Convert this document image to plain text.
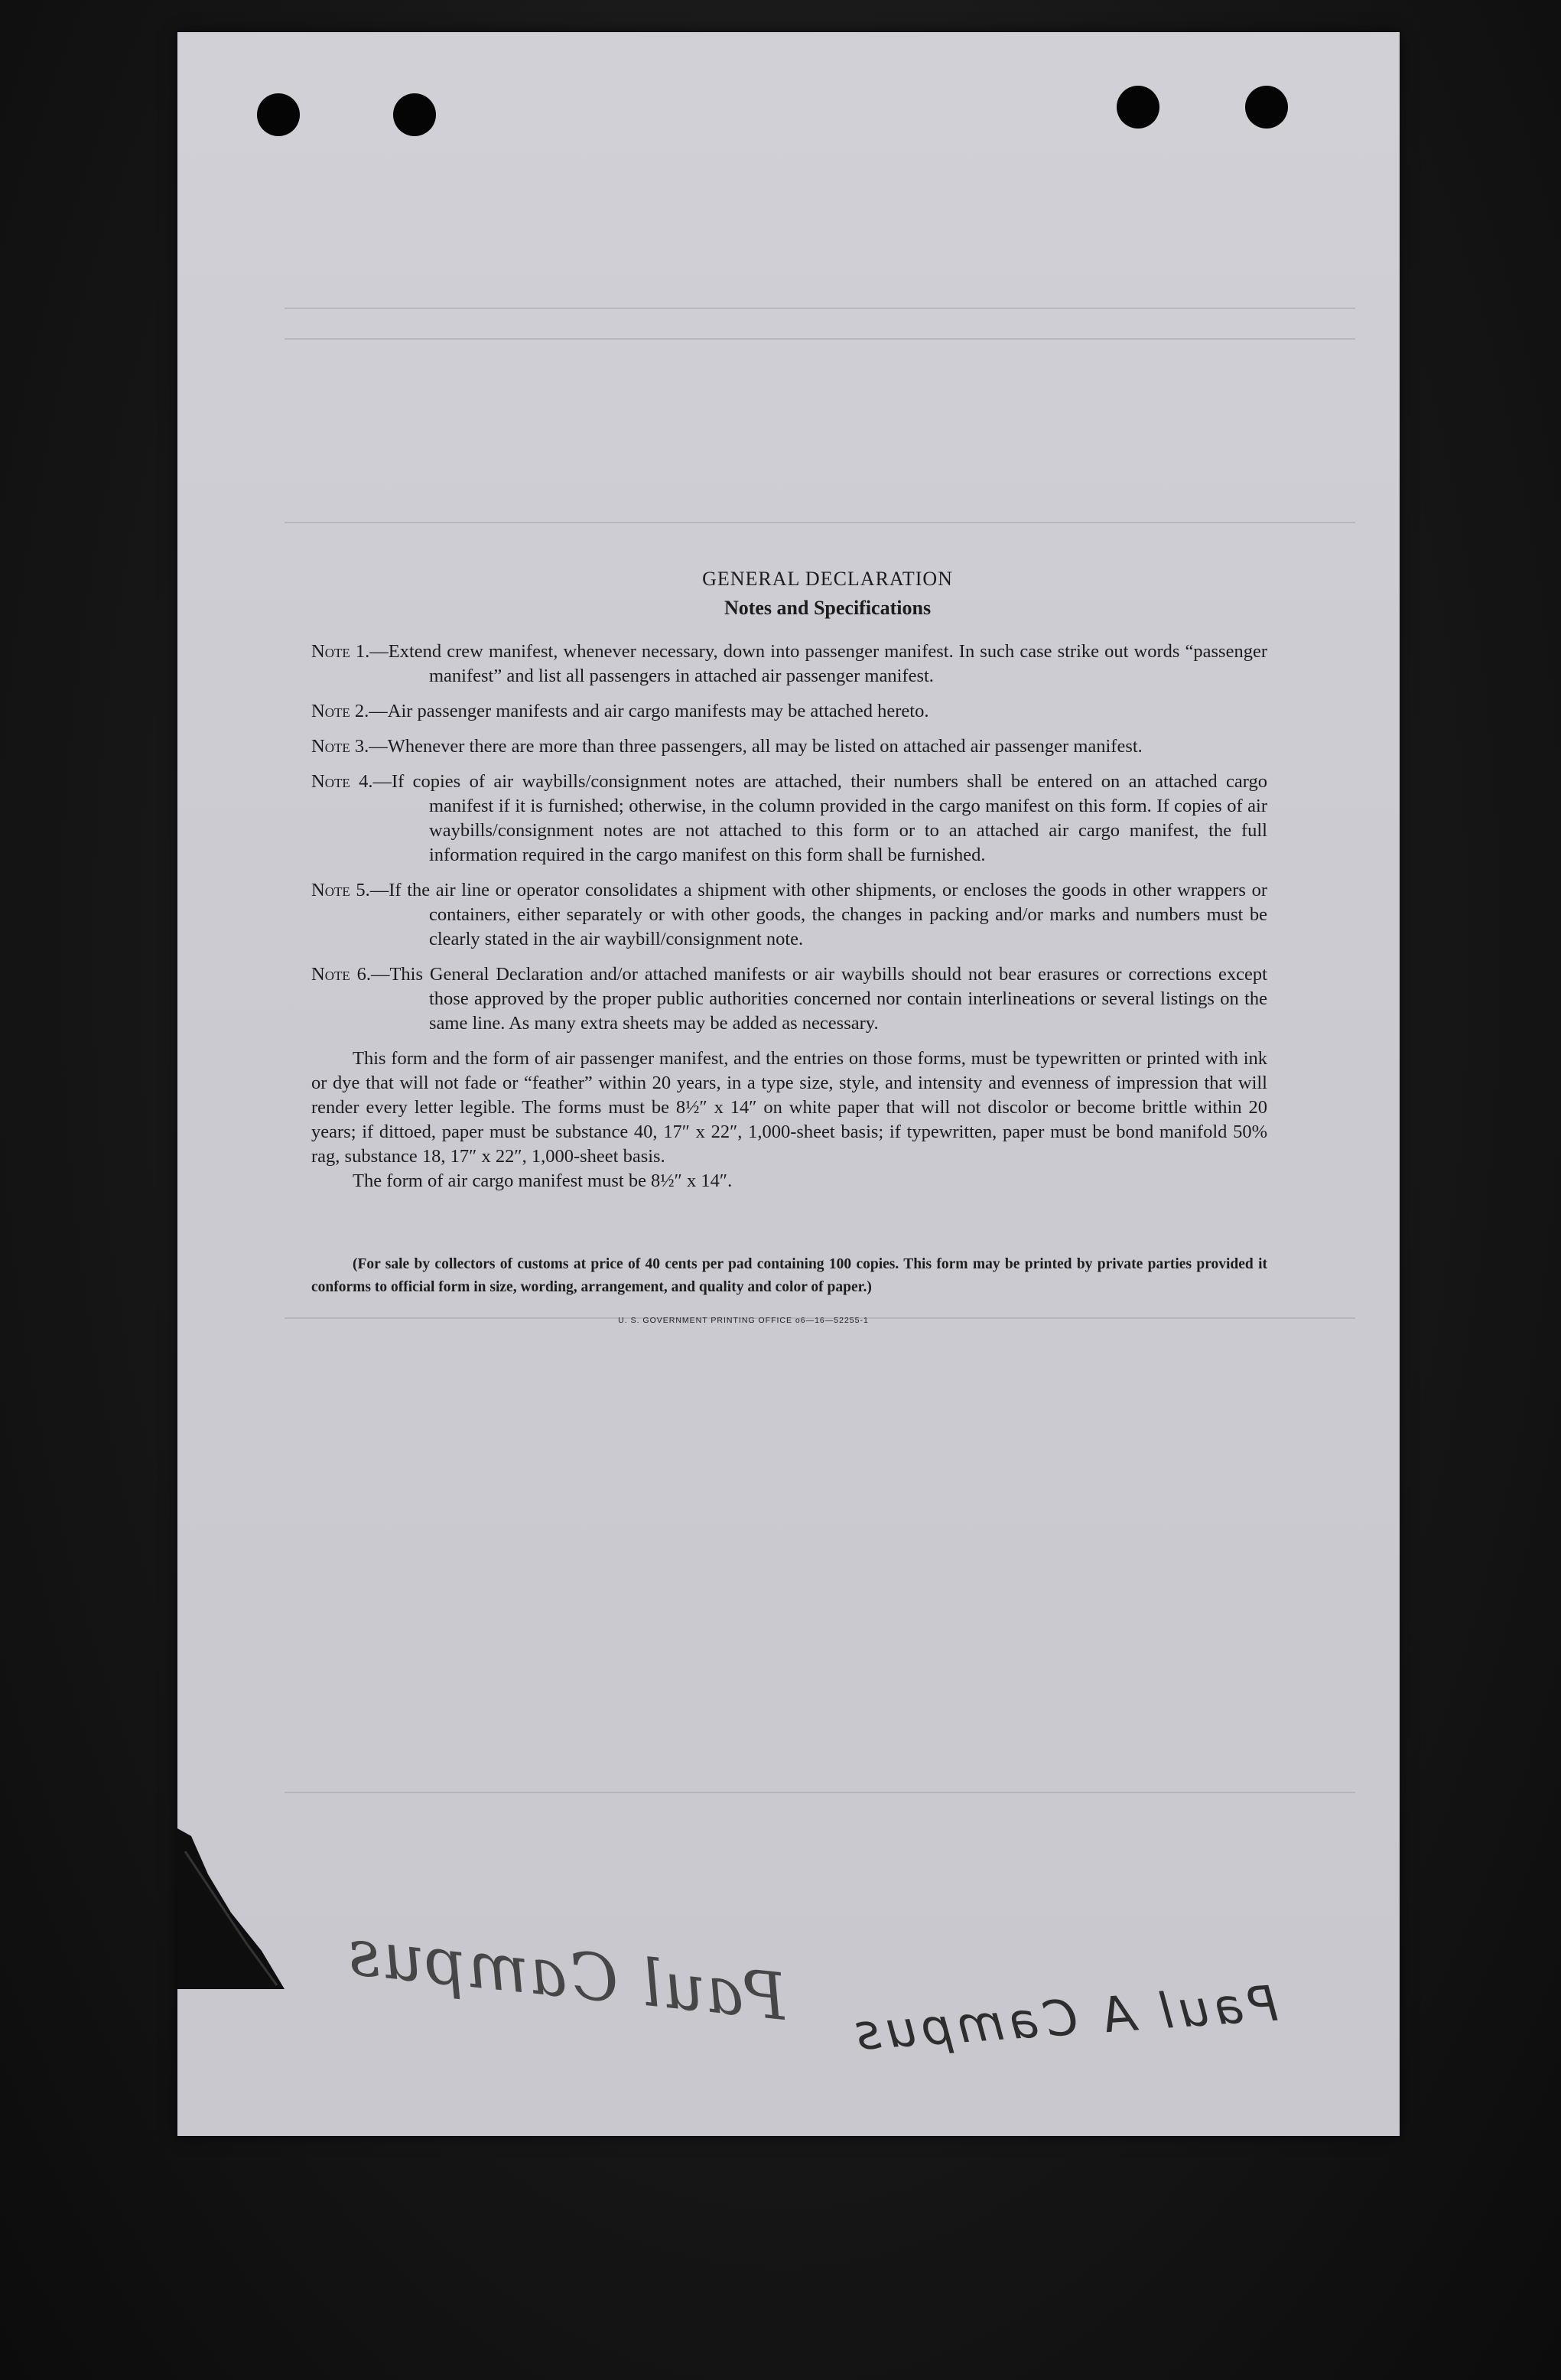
GENERAL DECLARATION
Notes and Specifications
Note 1.—Extend crew manifest, whenever necessary, down into passenger manifest. In such case strike out words “passenger manifest” and list all passengers in attached air passenger manifest.
Note 2.—Air passenger manifests and air cargo manifests may be attached hereto.
Note 3.—Whenever there are more than three passengers, all may be listed on attached air passenger manifest.
Note 4.—If copies of air waybills/consignment notes are attached, their numbers shall be entered on an attached cargo manifest if it is furnished; otherwise, in the column provided in the cargo manifest on this form. If copies of air waybills/consignment notes are not attached to this form or to an attached air cargo manifest, the full information required in the cargo manifest on this form shall be furnished.
Note 5.—If the air line or operator consolidates a shipment with other shipments, or encloses the goods in other wrappers or containers, either separately or with other goods, the changes in packing and/or marks and numbers must be clearly stated in the air waybill/consignment note.
Note 6.—This General Declaration and/or attached manifests or air waybills should not bear erasures or corrections except those approved by the proper public authorities concerned nor contain interlineations or several listings on the same line. As many extra sheets may be added as necessary.
This form and the form of air passenger manifest, and the entries on those forms, must be typewritten or printed with ink or dye that will not fade or “feather” within 20 years, in a type size, style, and intensity and evenness of impression that will render every letter legible. The forms must be 8½″ x 14″ on white paper that will not discolor or become brittle within 20 years; if dittoed, paper must be substance 40, 17″ x 22″, 1,000-sheet basis; if typewritten, paper must be bond manifold 50% rag, substance 18, 17″ x 22″, 1,000-sheet basis.
The form of air cargo manifest must be 8½″ x 14″.
(For sale by collectors of customs at price of 40 cents per pad containing 100 copies. This form may be printed by private parties provided it conforms to official form in size, wording, arrangement, and quality and color of paper.)
U. S. GOVERNMENT PRINTING OFFICE o6—16—52255-1
Paul Campus Paul A Campus
